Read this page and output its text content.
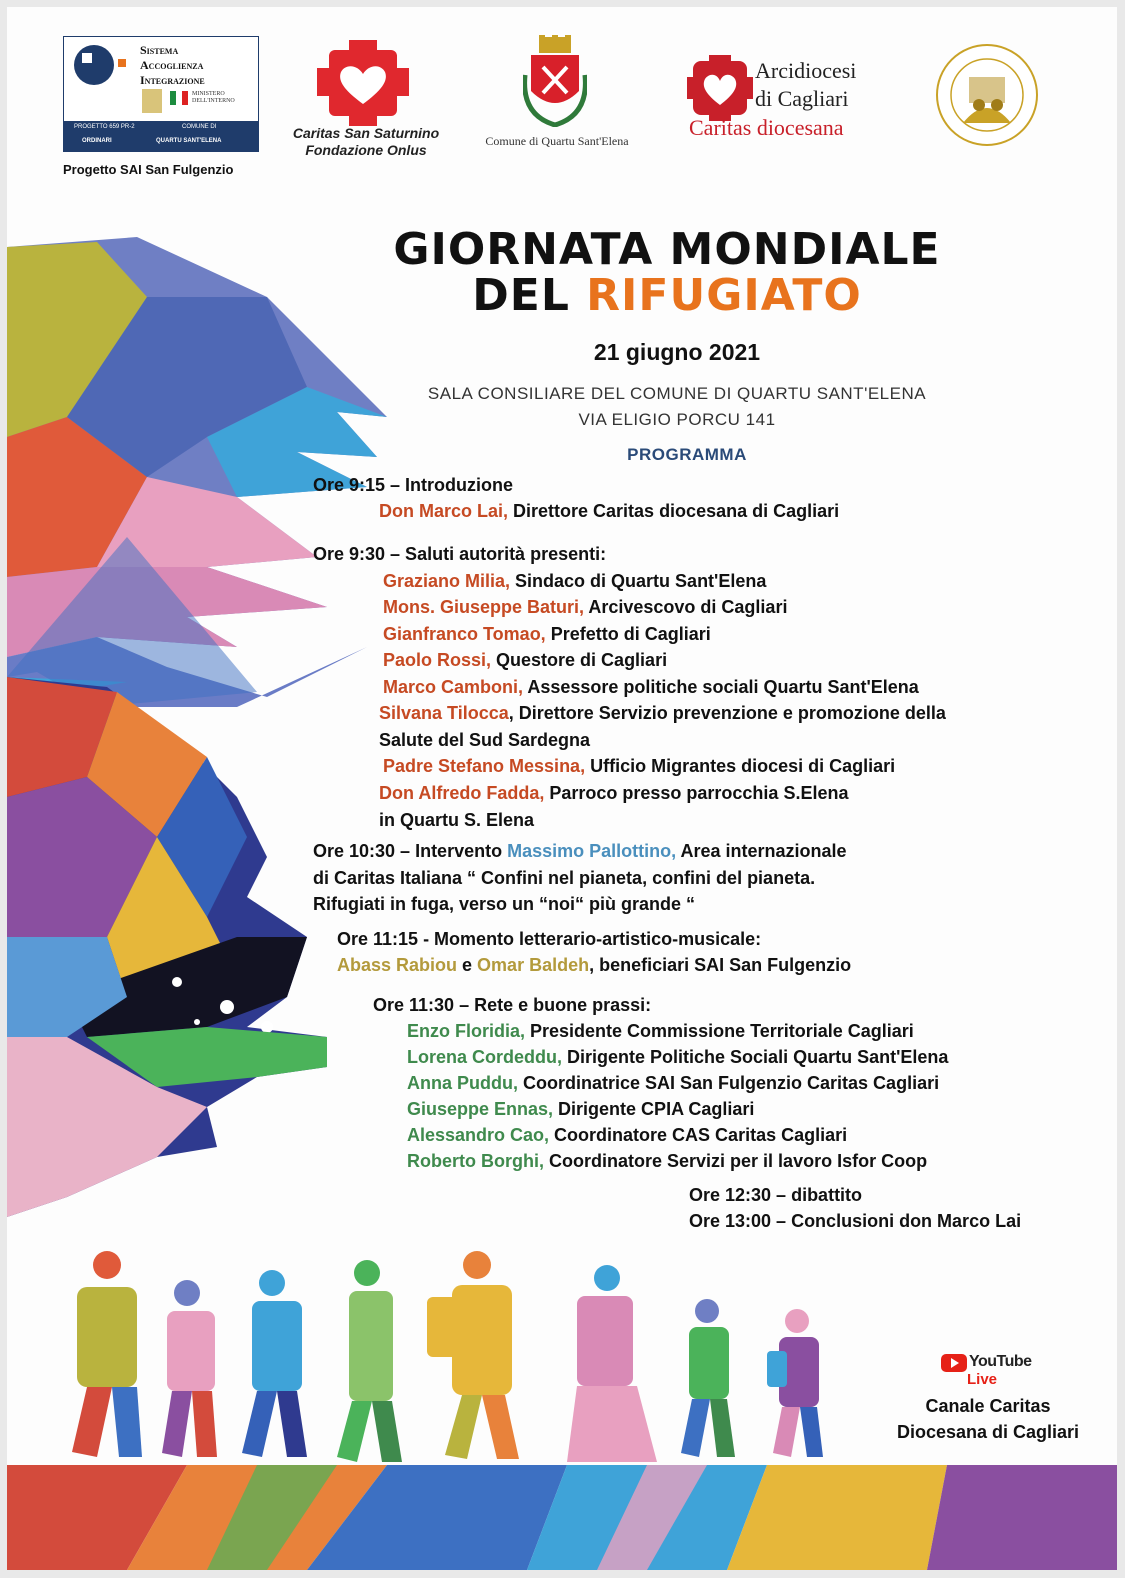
Sistema
Accoglienza
Integrazione
MINISTERO DELL'INTERNO
PROGETTO 659 PR-2	COMUNE DI
ORDINARI	QUARTU SANT'ELENA
Progetto SAI San Fulgenzio
Caritas San Saturnino
Fondazione Onlus
Comune di Quartu Sant'Elena
Arcidiocesi
di Cagliari
Caritas diocesana
GIORNATA MONDIALE
DEL RIFUGIATO
21 giugno 2021
SALA CONSILIARE DEL COMUNE DI QUARTU SANT'ELENA
VIA ELIGIO PORCU 141
PROGRAMMA
Ore 9:15 – Introduzione
Don Marco Lai, Direttore Caritas diocesana di Cagliari
Ore 9:30 – Saluti autorità presenti:
Graziano Milia, Sindaco di Quartu Sant'Elena
Mons. Giuseppe Baturi, Arcivescovo di Cagliari
Gianfranco Tomao, Prefetto di Cagliari
Paolo Rossi, Questore di Cagliari
Marco Camboni, Assessore politiche sociali Quartu Sant'Elena
Silvana Tilocca, Direttore Servizio prevenzione e promozione della
Salute del Sud Sardegna
Padre Stefano Messina, Ufficio Migrantes diocesi di Cagliari
Don Alfredo Fadda, Parroco presso parrocchia S.Elena
in Quartu S. Elena
Ore 10:30 – Intervento Massimo Pallottino, Area internazionale
di Caritas Italiana “ Confini nel pianeta, confini del pianeta.
Rifugiati in fuga, verso un “noi“ più grande “
Ore 11:15 - Momento letterario-artistico-musicale:
Abass Rabiou e Omar Baldeh, beneficiari SAI San Fulgenzio
Ore 11:30 – Rete e buone prassi:
Enzo Floridia, Presidente Commissione Territoriale Cagliari
Lorena Cordeddu, Dirigente Politiche Sociali Quartu Sant'Elena
Anna Puddu, Coordinatrice SAI San Fulgenzio Caritas Cagliari
Giuseppe Ennas, Dirigente CPIA Cagliari
Alessandro Cao, Coordinatore CAS Caritas Cagliari
Roberto Borghi, Coordinatore Servizi per il lavoro Isfor Coop
Ore 12:30 – dibattito
Ore 13:00 – Conclusioni don Marco Lai
YouTube
Live
Canale Caritas
Diocesana di Cagliari
